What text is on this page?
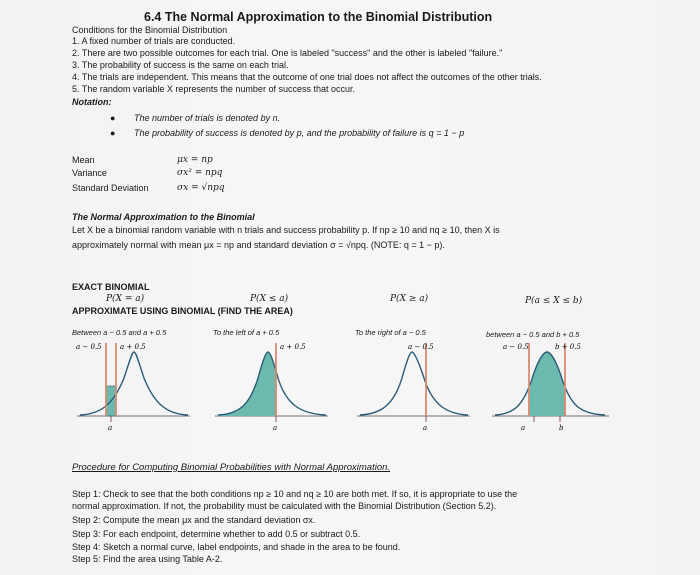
6.4 The Normal Approximation to the Binomial Distribution
Conditions for the Binomial Distribution
1. A fixed number of trials are conducted.
2. There are two possible outcomes for each trial. One is labeled "success" and the other is labeled "failure."
3. The probability of success is the same on each trial.
4. The trials are independent. This means that the outcome of one trial does not affect the outcomes of the other trials.
5. The random variable X represents the number of success that occur.
Notation:
● The number of trials is denoted by n.
● The probability of success is denoted by p, and the probability of failure is q = 1 − p
Mean	μx = np
Variance	σx² = npq
Standard Deviation	σx = √npq
The Normal Approximation to the Binomial
Let X be a binomial random variable with n trials and success probability p. If np ≥ 10 and nq ≥ 10, then X is
approximately normal with mean μx = np and standard deviation σ = √npq. (NOTE: q = 1 − p).
EXACT BINOMIAL
P(X = a)	P(X ≤ a)	P(X ≥ a)	P(a ≤ X ≤ b)
APPROXIMATE USING BINOMIAL (FIND THE AREA)
Between a − 0.5 and a + 0.5	To the left of a + 0.5	To the right of a − 0.5	between a − 0.5 and b + 0.5
a − 0.5	a + 0.5
a
a + 0.5
a
a − 0.5
a
a − 0.5	b + 0.5
a	b
Procedure for Computing Binomial Probabilities with Normal Approximation.
Step 1: Check to see that the both conditions np ≥ 10 and nq ≥ 10 are both met. If so, it is appropriate to use the
normal approximation. If not, the probability must be calculated with the Binomial Distribution (Section 5.2).
Step 2: Compute the mean μx and the standard deviation σx.
Step 3: For each endpoint, determine whether to add 0.5 or subtract 0.5.
Step 4: Sketch a normal curve, label endpoints, and shade in the area to be found.
Step 5: Find the area using Table A-2.
